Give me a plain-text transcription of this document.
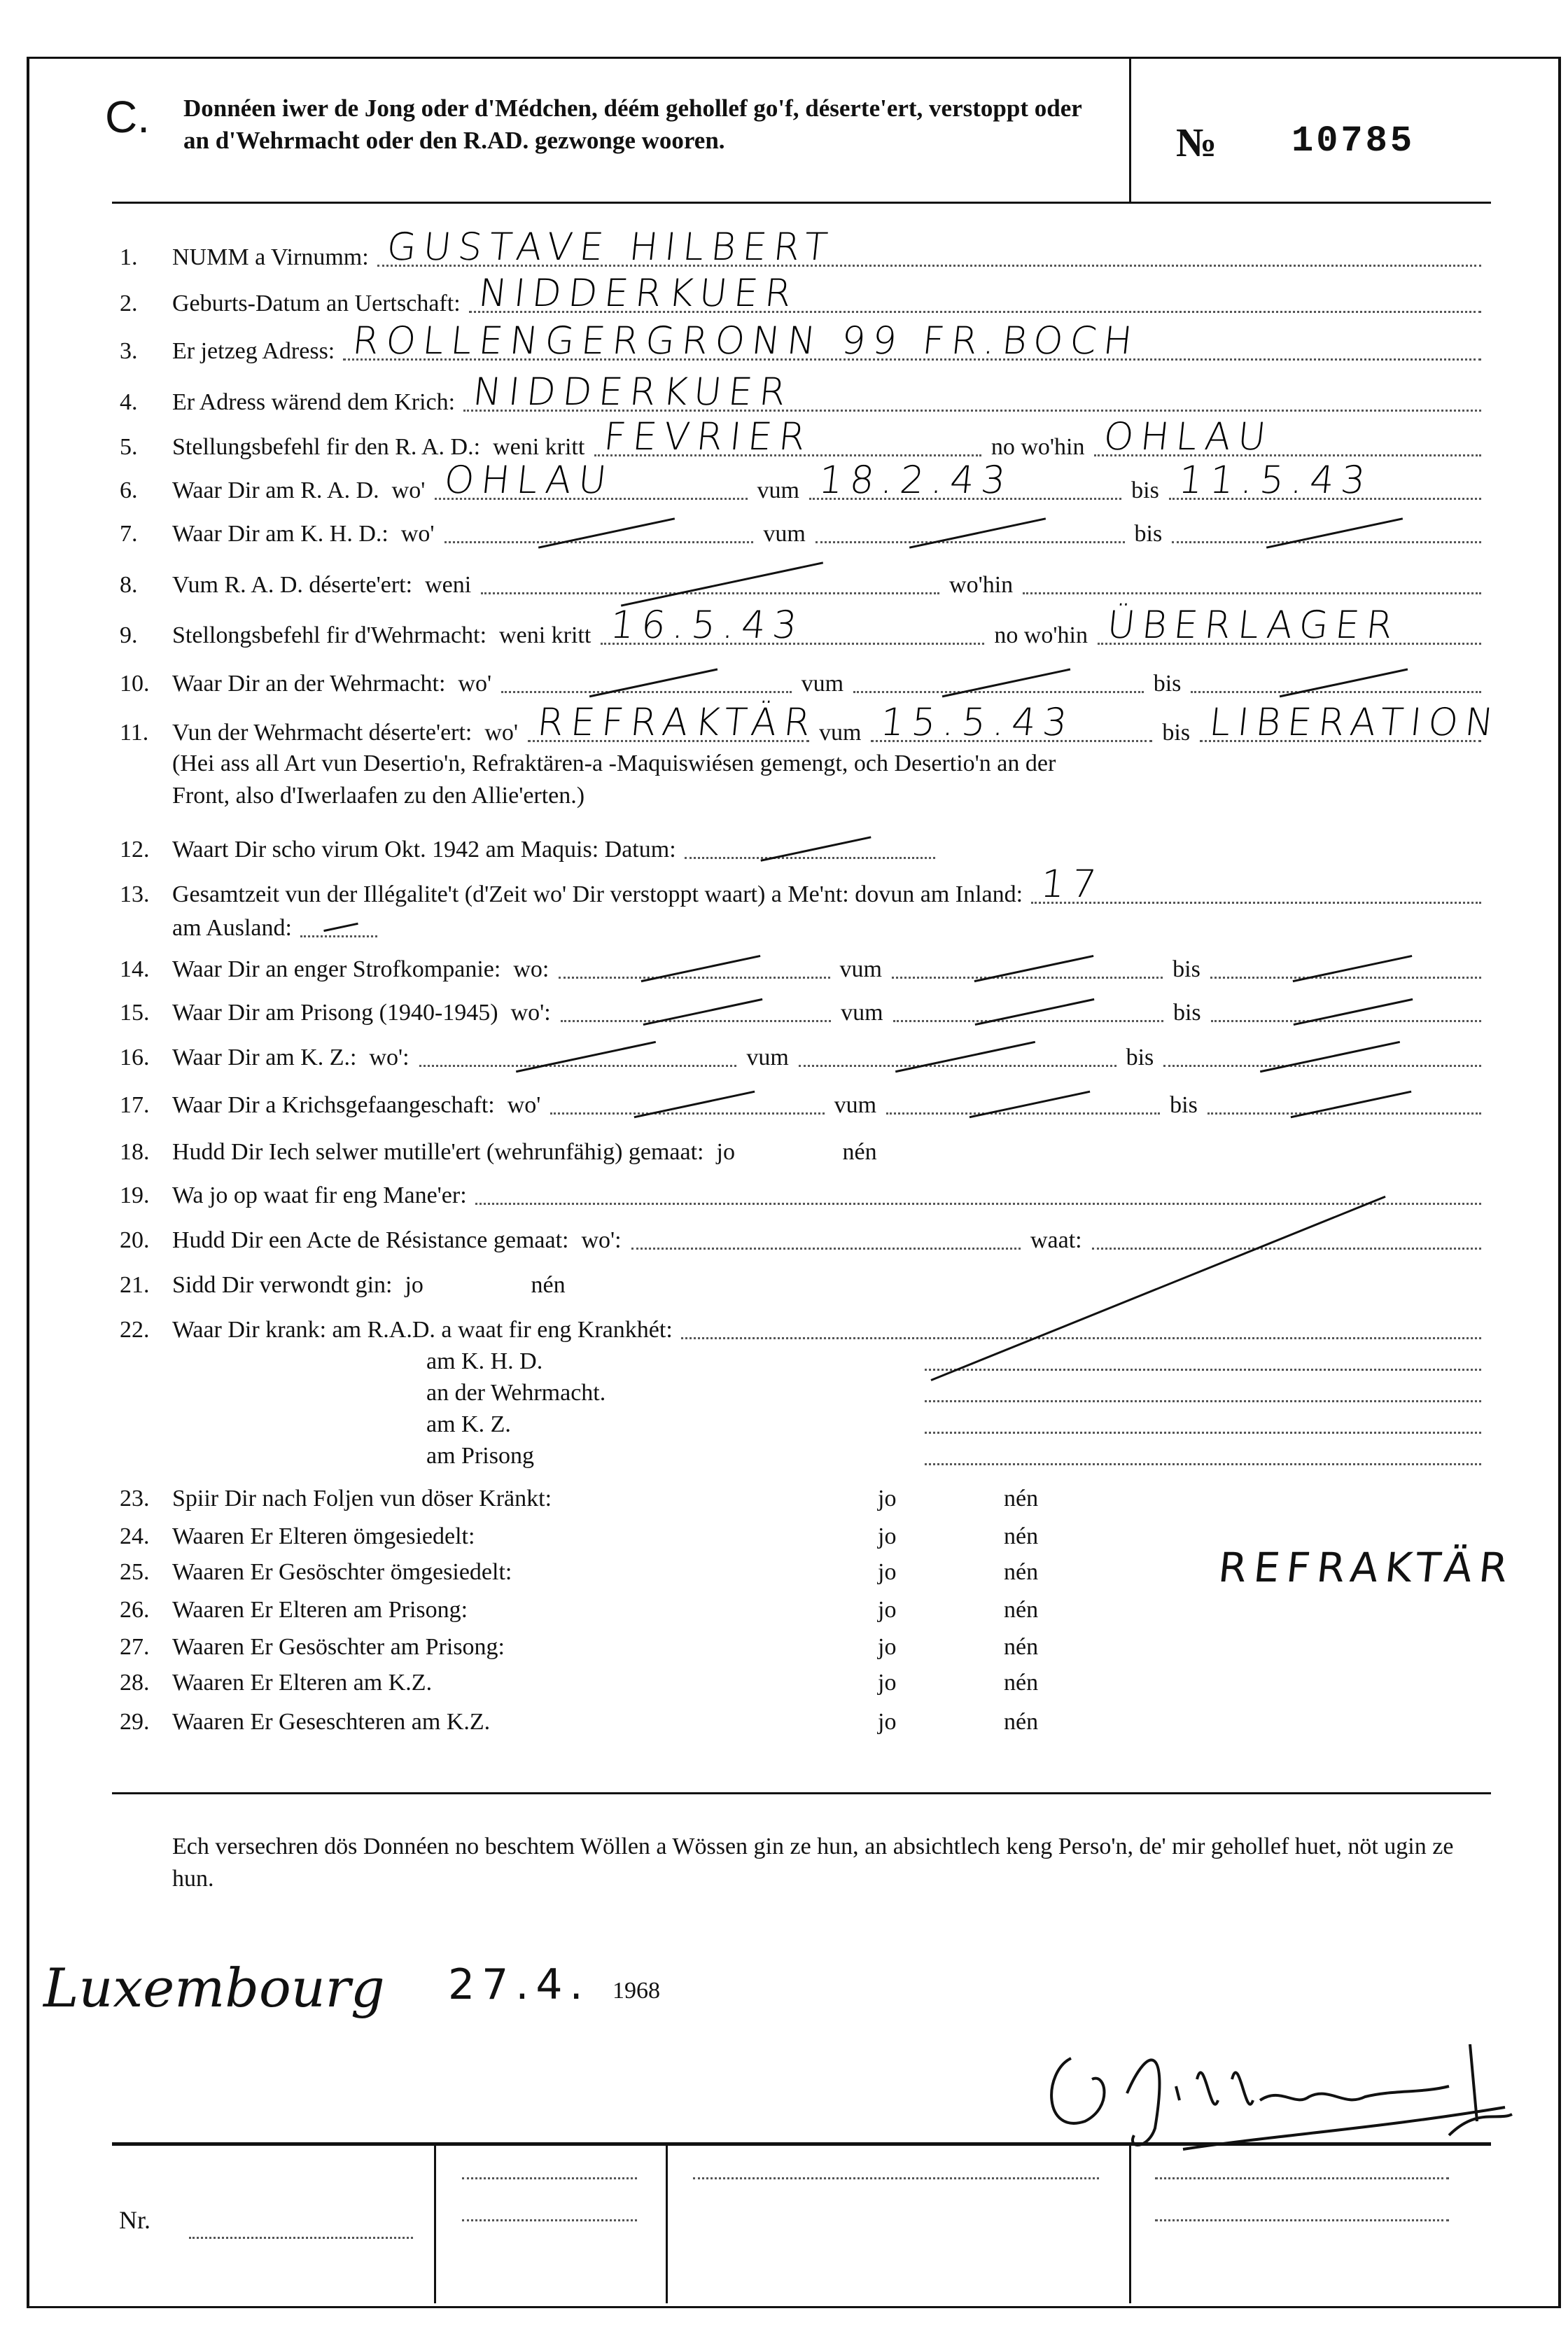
C. Donnéen iwer de Jong oder d'Médchen, déém gehollef go'f, déserte'ert, verstoppt oder an d'Wehrmacht oder den R.AD. gezwonge wooren.	№ 10785
1. NUMM a Virnumm: GUSTAVE HILBERT
2. Geburts-Datum an Uertschaft: NIDDERKUER
3. Er jetzeg Adress: ROLLENGERGRONN 99 FR.BOCH
4. Er Adress wärend dem Krich: NIDDERKUER
5. Stellungsbefehl fir den R. A. D.: weni kritt FEVRIER	no wo'hin OHLAU
6. Waar Dir am R. A. D. wo' OHLAU	vum 18.2.43	bis 11.5.43
7. Waar Dir am K. H. D.: wo'	vum	bis
8. Vum R. A. D. déserte'ert: weni	wo'hin
9. Stellongsbefehl fir d'Wehrmacht: weni kritt 16.5.43	no wo'hin ÜBERLAGER
10. Waar Dir an der Wehrmacht: wo'	vum	bis
11. Vun der Wehrmacht déserte'ert: wo' REFRAKTÄR vum 15.5.43	bis LIBERATION
(Hei ass all Art vun Desertio'n, Refraktären-a -Maquiswiésen gemengt, och Desertio'n an der
Front, also d'Iwerlaafen zu den Allie'erten.)
12. Waart Dir scho virum Okt. 1942 am Maquis: Datum:
13. Gesamtzeit vun der Illégalite't (d'Zeit wo' Dir verstoppt waart) a Me'nt: dovun am Inland: 17
am Ausland:
14. Waar Dir an enger Strofkompanie: wo:	vum	bis
15. Waar Dir am Prisong (1940-1945) wo':	vum	bis
16. Waar Dir am K. Z.: wo':	vum	bis
17. Waar Dir a Krichsgefaangeschaft: wo'	vum	bis
18. Hudd Dir Iech selwer mutille'ert (wehrunfähig) gemaat: jo	nén
19. Wa jo op waat fir eng Mane'er:
20. Hudd Dir een Acte de Résistance gemaat: wo':	waat:
21. Sidd Dir verwondt gin: jo	nén
22. Waar Dir krank: am R.A.D. a waat fir eng Krankhét:
am K. H. D.
an der Wehrmacht.
am K. Z.
am Prisong
23. Spiir Dir nach Foljen vun döser Kränkt:	jo	nén
24. Waaren Er Elteren ömgesiedelt:	jo	nén
25. Waaren Er Gesöschter ömgesiedelt:	jo	nén
26. Waaren Er Elteren am Prisong:	jo	nén
27. Waaren Er Gesöschter am Prisong:	jo	nén
28. Waaren Er Elteren am K.Z.	jo	nén
29. Waaren Er Geseschteren am K.Z.	jo	nén
REFRAKTÄR
Ech versechren dös Donnéen no beschtem Wöllen a Wössen gin ze hun, an absichtlech keng Perso'n, de' mir gehollef huet, nöt ugin ze hun.
Luxembourg 27.4. 1968
Nr.
